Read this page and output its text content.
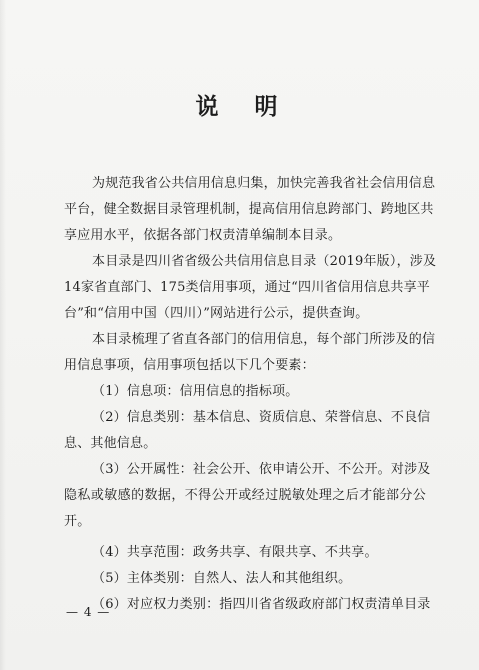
说 明
为规范我省公共信用信息归集，加快完善我省社会信用信息
平台，健全数据目录管理机制，提高信用信息跨部门、跨地区共
享应用水平，依据各部门权责清单编制本目录。
本目录是四川省省级公共信用信息目录（2019年版），涉及
14家省直部门、175类信用事项，通过“四川省信用信息共享平
台”和“信用中国（四川）”网站进行公示，提供查询。
本目录梳理了省直各部门的信用信息，每个部门所涉及的信
用信息事项，信用事项包括以下几个要素：
（1）信息项：信用信息的指标项。
（2）信息类别：基本信息、资质信息、荣誉信息、不良信
息、其他信息。
（3）公开属性：社会公开、依申请公开、不公开。对涉及
隐私或敏感的数据，不得公开或经过脱敏处理之后才能部分公
开。
（4）共享范围：政务共享、有限共享、不共享。
（5）主体类别：自然人、法人和其他组织。
（6）对应权力类别：指四川省省级政府部门权责清单目录
— 4 —
